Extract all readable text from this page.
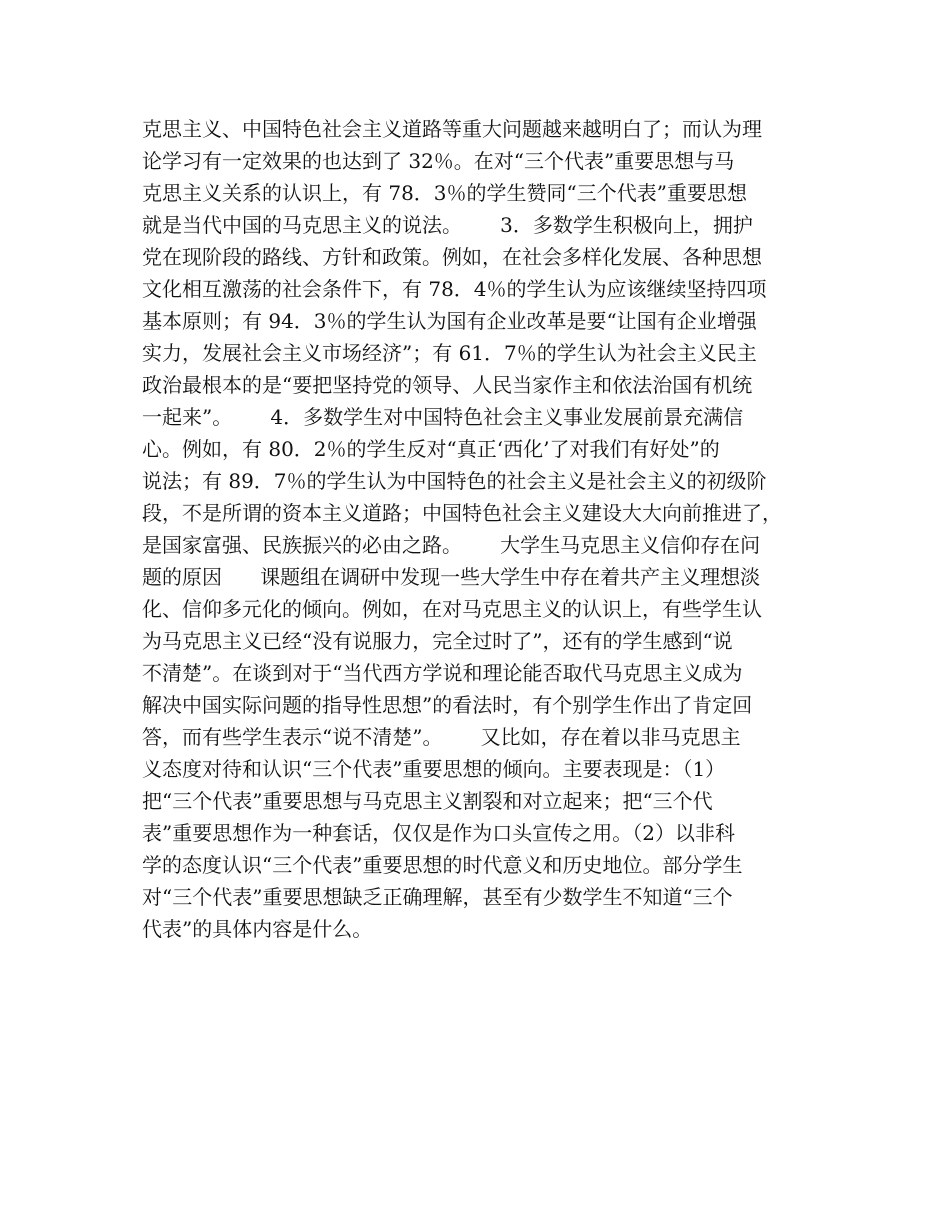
克思主义、中国特色社会主义道路等重大问题越来越明白了；而认为理
论学习有一定效果的也达到了 32％。在对“三个代表”重要思想与马
克思主义关系的认识上，有 78．3％的学生赞同“三个代表”重要思想
就是当代中国的马克思主义的说法。      3．多数学生积极向上，拥护
党在现阶段的路线、方针和政策。例如，在社会多样化发展、各种思想
文化相互激荡的社会条件下，有 78．4％的学生认为应该继续坚持四项
基本原则；有 94．3％的学生认为国有企业改革是要“让国有企业增强
实力，发展社会主义市场经济”；有 61．7％的学生认为社会主义民主
政治最根本的是“要把坚持党的领导、人民当家作主和依法治国有机统
一起来”。      4．多数学生对中国特色社会主义事业发展前景充满信
心。例如，有 80．2％的学生反对“真正‘西化’了对我们有好处”的
说法；有 89．7％的学生认为中国特色的社会主义是社会主义的初级阶
段，不是所谓的资本主义道路；中国特色社会主义建设大大向前推进了，
是国家富强、民族振兴的必由之路。      大学生马克思主义信仰存在问
题的原因      课题组在调研中发现一些大学生中存在着共产主义理想淡
化、信仰多元化的倾向。例如，在对马克思主义的认识上，有些学生认
为马克思主义已经“没有说服力，完全过时了”，还有的学生感到“说
不清楚”。在谈到对于“当代西方学说和理论能否取代马克思主义成为
解决中国实际问题的指导性思想”的看法时，有个别学生作出了肯定回
答，而有些学生表示“说不清楚”。      又比如，存在着以非马克思主
义态度对待和认识“三个代表”重要思想的倾向。主要表现是：（1）
把“三个代表”重要思想与马克思主义割裂和对立起来；把“三个代
表”重要思想作为一种套话，仅仅是作为口头宣传之用。（2）以非科
学的态度认识“三个代表”重要思想的时代意义和历史地位。部分学生
对“三个代表”重要思想缺乏正确理解，甚至有少数学生不知道“三个
代表”的具体内容是什么。
